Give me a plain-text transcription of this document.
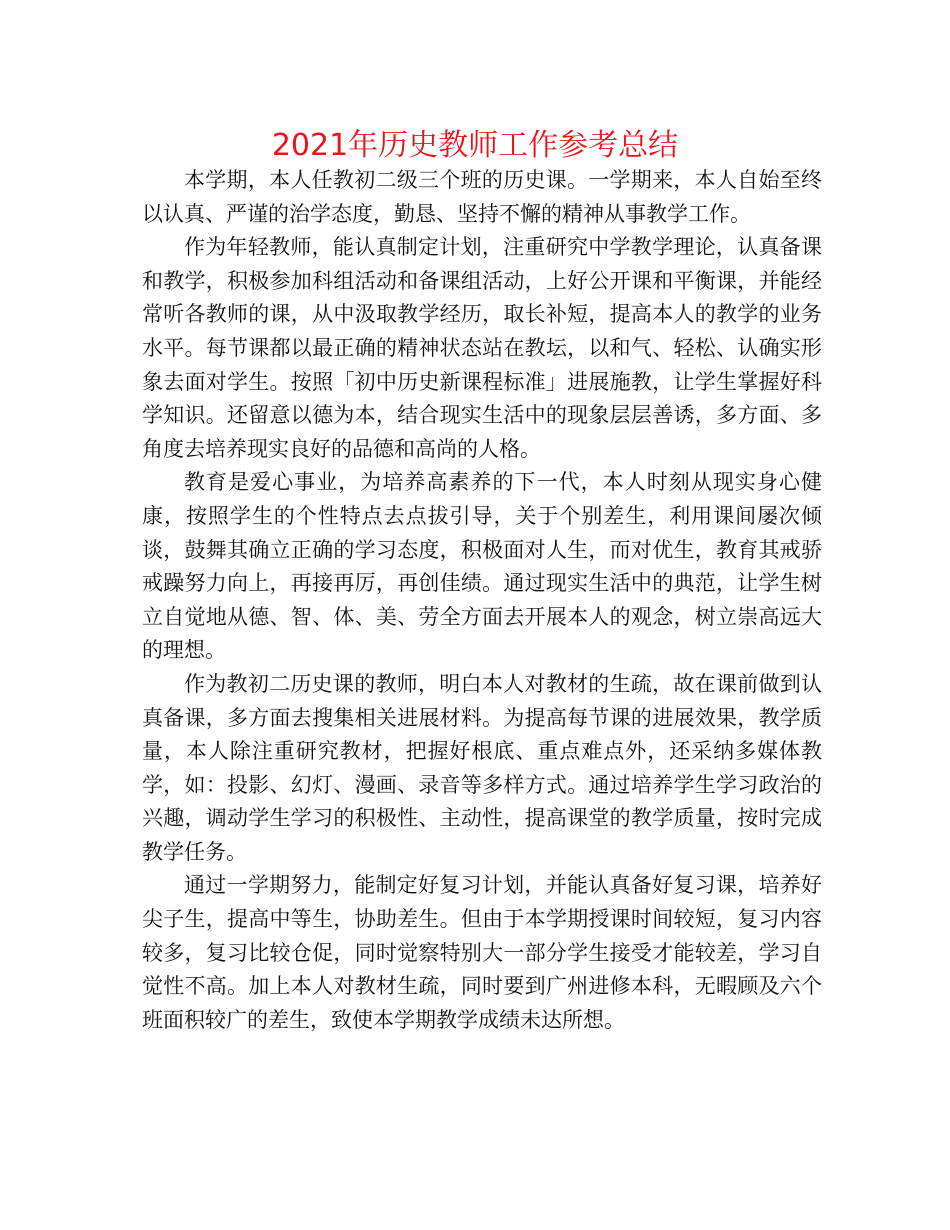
2021年历史教师工作参考总结

本学期，本人任教初二级三个班的历史课。一学期来，本人自始至终以认真、严谨的治学态度，勤恳、坚持不懈的精神从事教学工作。

作为年轻教师，能认真制定计划，注重研究中学教学理论，认真备课和教学，积极参加科组活动和备课组活动，上好公开课和平衡课，并能经常听各教师的课，从中汲取教学经历，取长补短，提高本人的教学的业务水平。每节课都以最正确的精神状态站在教坛，以和气、轻松、认确实形象去面对学生。按照「初中历史新课程标准」进展施教，让学生掌握好科学知识。还留意以德为本，结合现实生活中的现象层层善诱，多方面、多角度去培养现实良好的品德和高尚的人格。

教育是爱心事业，为培养高素养的下一代，本人时刻从现实身心健康，按照学生的个性特点去点拔引导，关于个别差生，利用课间屡次倾谈，鼓舞其确立正确的学习态度，积极面对人生，而对优生，教育其戒骄戒躁努力向上，再接再厉，再创佳绩。通过现实生活中的典范，让学生树立自觉地从德、智、体、美、劳全方面去开展本人的观念，树立崇高远大的理想。

作为教初二历史课的教师，明白本人对教材的生疏，故在课前做到认真备课，多方面去搜集相关进展材料。为提高每节课的进展效果，教学质量，本人除注重研究教材，把握好根底、重点难点外，还采纳多媒体教学，如：投影、幻灯、漫画、录音等多样方式。通过培养学生学习政治的兴趣，调动学生学习的积极性、主动性，提高课堂的教学质量，按时完成教学任务。

通过一学期努力，能制定好复习计划，并能认真备好复习课，培养好尖子生，提高中等生，协助差生。但由于本学期授课时间较短，复习内容较多，复习比较仓促，同时觉察特别大一部分学生接受才能较差，学习自觉性不高。加上本人对教材生疏，同时要到广州进修本科，无暇顾及六个班面积较广的差生，致使本学期教学成绩未达所想。
